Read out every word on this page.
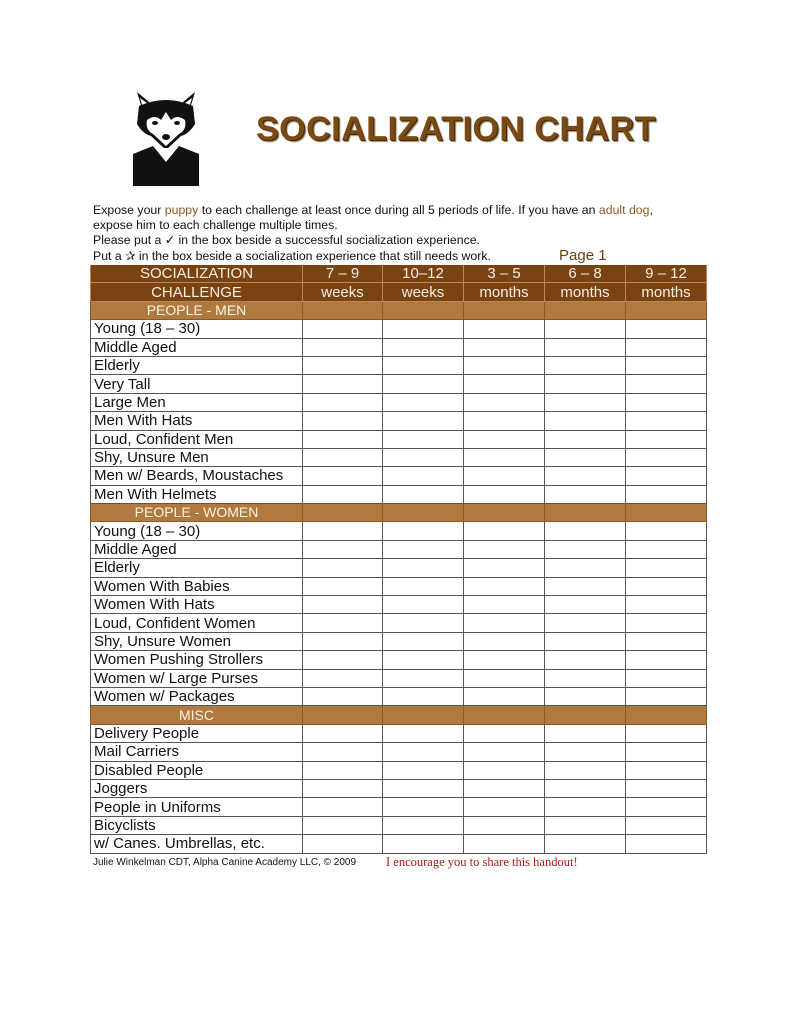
SOCIALIZATION CHART
Expose your puppy to each challenge at least once during all 5 periods of life. If you have an adult dog,
expose him to each challenge multiple times.
Please put a ✓ in the box beside a successful socialization experience.
Put a ✰ in the box beside a socialization experience that still needs work.	Page 1
SOCIALIZATION	7 – 9	10–12	3 – 5	6 – 8	9 – 12
CHALLENGE	weeks	weeks	months	months	months
PEOPLE - MEN					
Young (18 – 30)					
Middle Aged					
Elderly					
Very Tall					
Large Men					
Men With Hats					
Loud, Confident Men					
Shy, Unsure Men					
Men w/ Beards, Moustaches					
Men With Helmets					
PEOPLE - WOMEN					
Young (18 – 30)					
Middle Aged					
Elderly					
Women With Babies					
Women With Hats					
Loud, Confident Women					
Shy, Unsure Women					
Women Pushing Strollers					
Women w/ Large Purses					
Women w/ Packages					
MISC					
Delivery People					
Mail Carriers					
Disabled People					
Joggers					
People in Uniforms					
Bicyclists					
w/ Canes. Umbrellas, etc.					
Julie Winkelman CDT, Alpha Canine Academy LLC, © 2009 I encourage you to share this handout!
